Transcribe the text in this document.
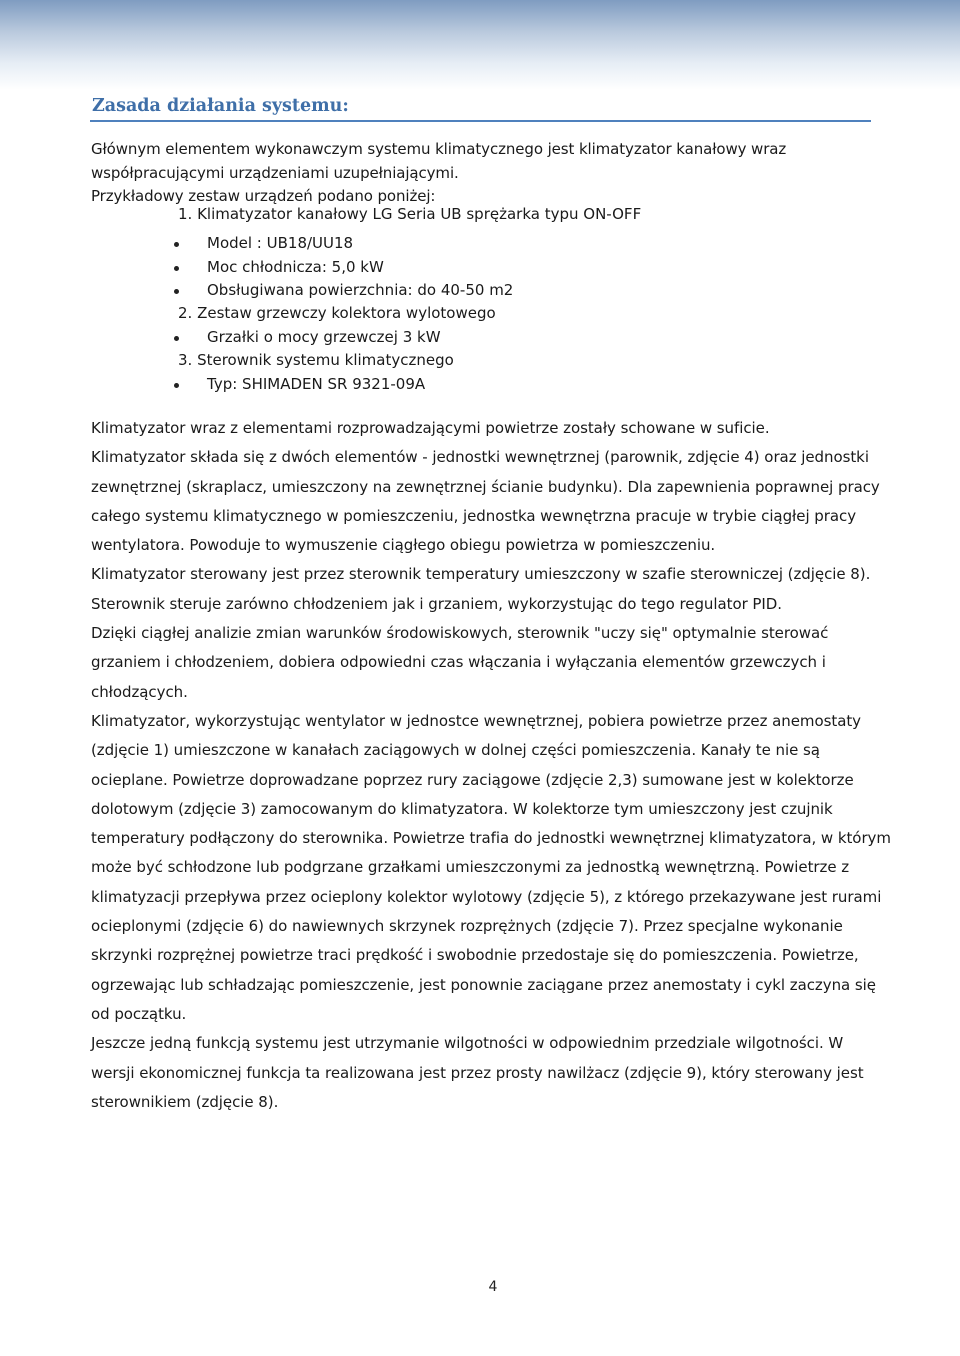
Zasada działania systemu:

Głównym elementem wykonawczym systemu klimatycznego jest klimatyzator kanałowy wraz współpracującymi urządzeniami uzupełniającymi.

Przykładowy zestaw urządzeń podano poniżej:

1. Klimatyzator kanałowy LG Seria UB sprężarka typu ON-OFF
Model : UB18/UU18
Moc chłodnicza: 5,0 kW
Obsługiwana powierzchnia: do 40-50 m2
2. Zestaw grzewczy kolektora wylotowego
Grzałki o mocy grzewczej 3 kW
3. Sterownik systemu klimatycznego
Typ: SHIMADEN SR 9321-09A

Klimatyzator wraz z elementami rozprowadzającymi powietrze zostały schowane w suficie.

Klimatyzator składa się z dwóch elementów - jednostki wewnętrznej (parownik, zdjęcie 4) oraz jednostki zewnętrznej (skraplacz, umieszczony na zewnętrznej ścianie budynku). Dla zapewnienia poprawnej pracy całego systemu klimatycznego w pomieszczeniu, jednostka wewnętrzna pracuje w trybie ciągłej pracy wentylatora. Powoduje to wymuszenie ciągłego obiegu powietrza w pomieszczeniu.

Klimatyzator sterowany jest przez sterownik temperatury umieszczony w szafie sterowniczej (zdjęcie 8). Sterownik steruje zarówno chłodzeniem jak i grzaniem, wykorzystując do tego regulator PID.

Dzięki ciągłej analizie zmian warunków środowiskowych, sterownik "uczy się" optymalnie sterować grzaniem i chłodzeniem, dobiera odpowiedni czas włączania i wyłączania elementów grzewczych i chłodzących.

Klimatyzator, wykorzystując wentylator w jednostce wewnętrznej, pobiera powietrze przez anemostaty (zdjęcie 1) umieszczone w kanałach zaciągowych w dolnej części pomieszczenia. Kanały te nie są ocieplane. Powietrze doprowadzane poprzez rury zaciągowe (zdjęcie 2,3) sumowane jest w kolektorze dolotowym (zdjęcie 3) zamocowanym do klimatyzatora. W kolektorze tym umieszczony jest czujnik temperatury podłączony do sterownika. Powietrze trafia do jednostki wewnętrznej klimatyzatora, w którym może być schłodzone lub podgrzane grzałkami umieszczonymi za jednostką wewnętrzną. Powietrze z klimatyzacji przepływa przez ocieplony kolektor wylotowy (zdjęcie 5), z którego przekazywane jest rurami ocieplonymi (zdjęcie 6) do nawiewnych skrzynek rozprężnych (zdjęcie 7). Przez specjalne wykonanie skrzynki rozprężnej powietrze traci prędkość i swobodnie przedostaje się do pomieszczenia. Powietrze, ogrzewając lub schładzając pomieszczenie, jest ponownie zaciągane przez anemostaty i cykl zaczyna się od początku.

Jeszcze jedną funkcją systemu jest utrzymanie wilgotności w odpowiednim przedziale wilgotności. W wersji ekonomicznej funkcja ta realizowana jest przez prosty nawilżacz (zdjęcie 9), który sterowany jest sterownikiem (zdjęcie 8).

4
